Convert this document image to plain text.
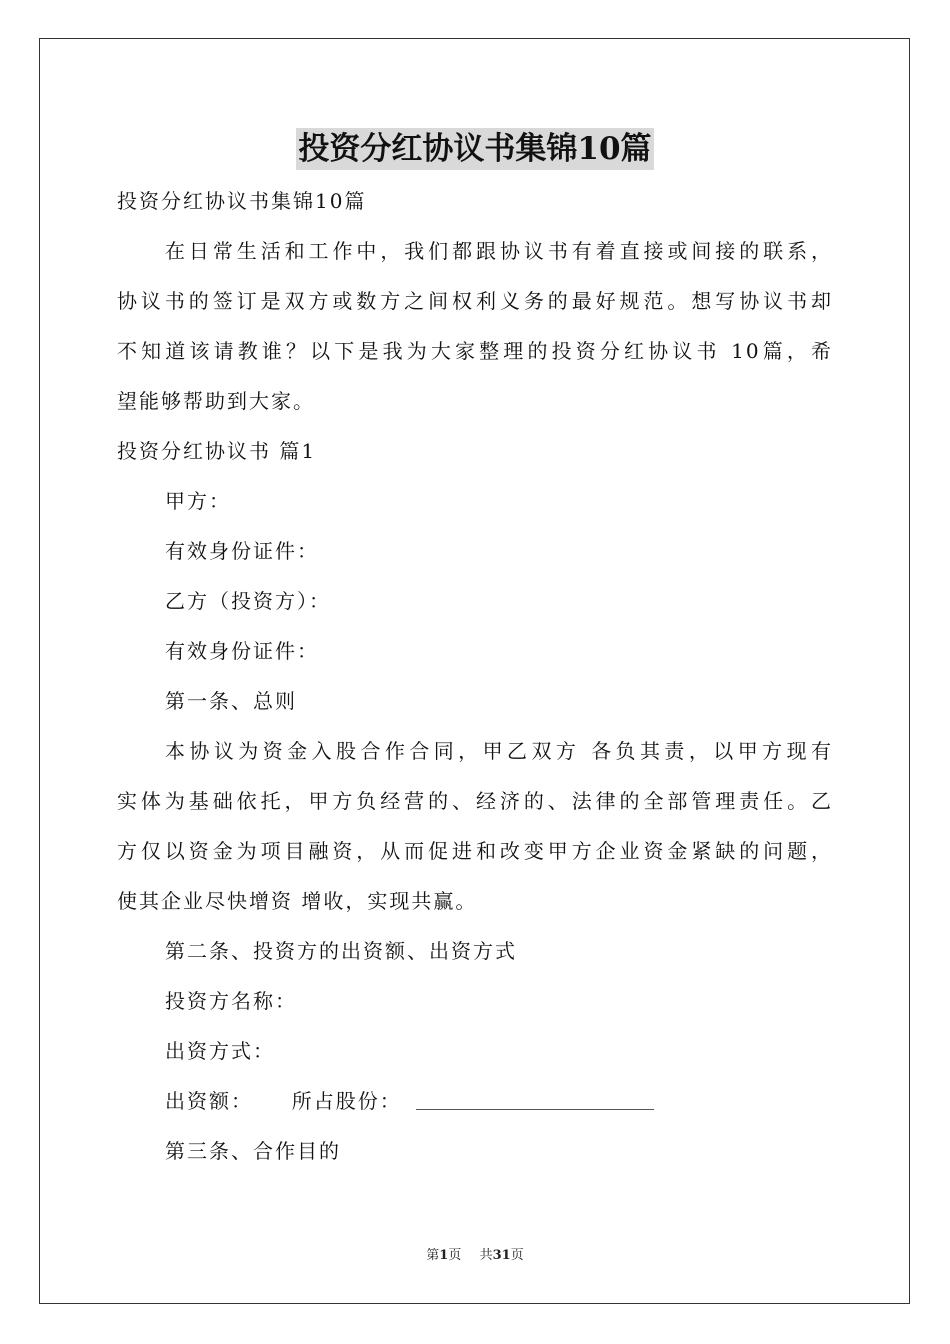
投资分红协议书集锦10篇
投资分红协议书集锦10篇
在日常生活和工作中，我们都跟协议书有着直接或间接的联系，
协议书的签订是双方或数方之间权利义务的最好规范。想写协议书却
不知道该请教谁？以下是我为大家整理的投资分红协议书 10篇，希
望能够帮助到大家。
投资分红协议书 篇1
甲方：
有效身份证件：
乙方（投资方）：
有效身份证件：
第一条、总则
本协议为资金入股合作合同，甲乙双方 各负其责，以甲方现有
实体为基础依托，甲方负经营的、经济的、法律的全部管理责任。乙
方仅以资金为项目融资，从而促进和改变甲方企业资金紧缺的问题，
使其企业尽快增资 增收，实现共赢。
第二条、投资方的出资额、出资方式
投资方名称：
出资方式：
出资额： 所占股份：
第三条、合作目的
第1页 共31页
